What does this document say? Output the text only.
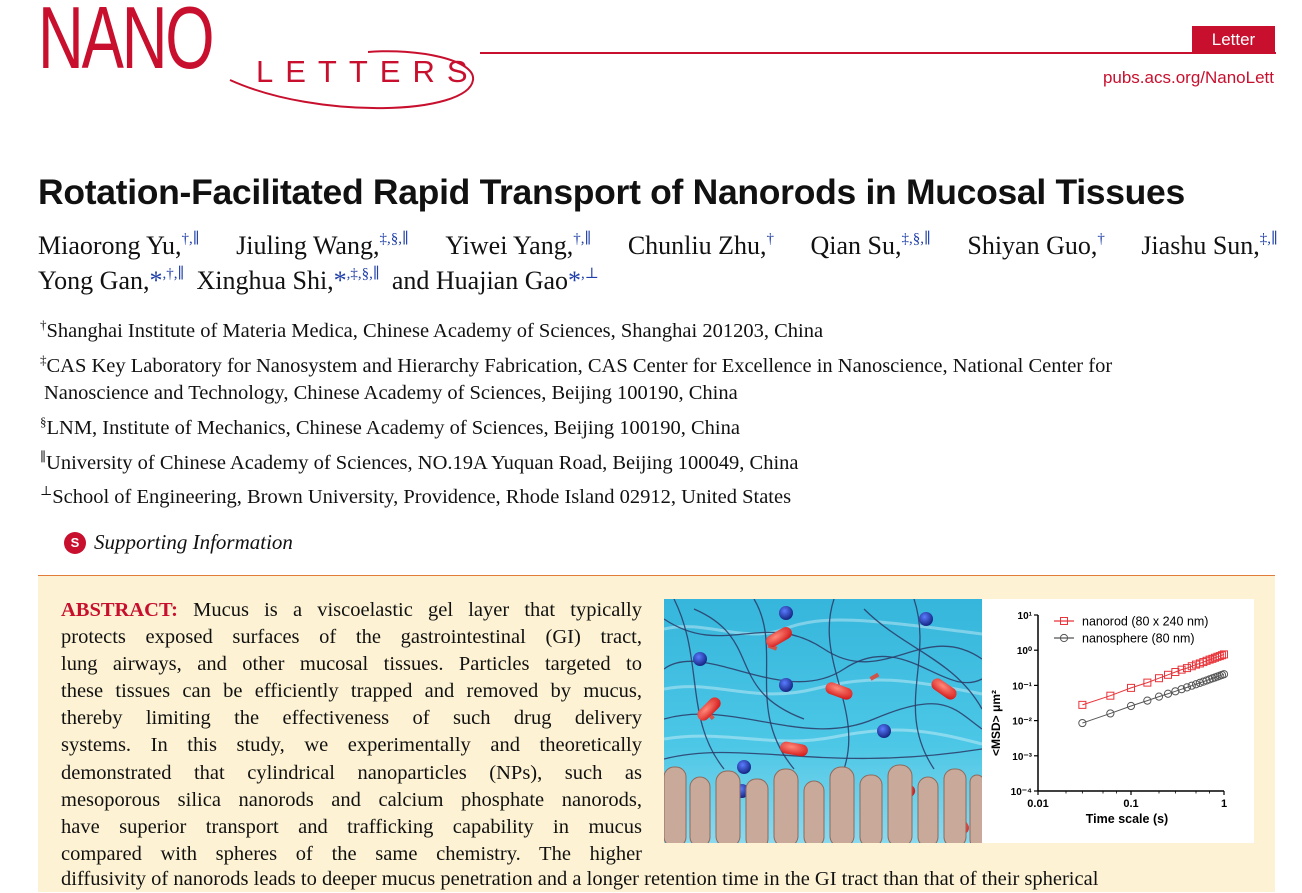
NANO LETTERS
Letter
pubs.acs.org/NanoLett
Rotation-Facilitated Rapid Transport of Nanorods in Mucosal Tissues
Miaorong Yu,†,∥ Jiuling Wang,‡,§,∥ Yiwei Yang,†,∥ Chunliu Zhu,† Qian Su,‡,§,∥ Shiyan Guo,† Jiashu Sun,‡,∥
Yong Gan,*,†,∥ Xinghua Shi,*,‡,§,∥ and Huajian Gao*,⊥
†Shanghai Institute of Materia Medica, Chinese Academy of Sciences, Shanghai 201203, China
‡CAS Key Laboratory for Nanosystem and Hierarchy Fabrication, CAS Center for Excellence in Nanoscience, National Center for
Nanoscience and Technology, Chinese Academy of Sciences, Beijing 100190, China
§LNM, Institute of Mechanics, Chinese Academy of Sciences, Beijing 100190, China
∥University of Chinese Academy of Sciences, NO.19A Yuquan Road, Beijing 100049, China
⊥School of Engineering, Brown University, Providence, Rhode Island 02912, United States
S Supporting Information
ABSTRACT: Mucus is a viscoelastic gel layer that typically
protects exposed surfaces of the gastrointestinal (GI) tract,
lung airways, and other mucosal tissues. Particles targeted to
these tissues can be efficiently trapped and removed by mucus,
thereby limiting the effectiveness of such drug delivery
systems. In this study, we experimentally and theoretically
demonstrated that cylindrical nanoparticles (NPs), such as
mesoporous silica nanorods and calcium phosphate nanorods,
have superior transport and trafficking capability in mucus
compared with spheres of the same chemistry. The higher
diffusivity of nanorods leads to deeper mucus penetration and a longer retention time in the GI tract than that of their spherical
10⁻⁴
10⁻³
10⁻²
10⁻¹
10⁰
10¹
0.01	0.1	1
Time scale (s)
<MSD> μm²
nanorod (80 x 240 nm)
nanosphere (80 nm)
